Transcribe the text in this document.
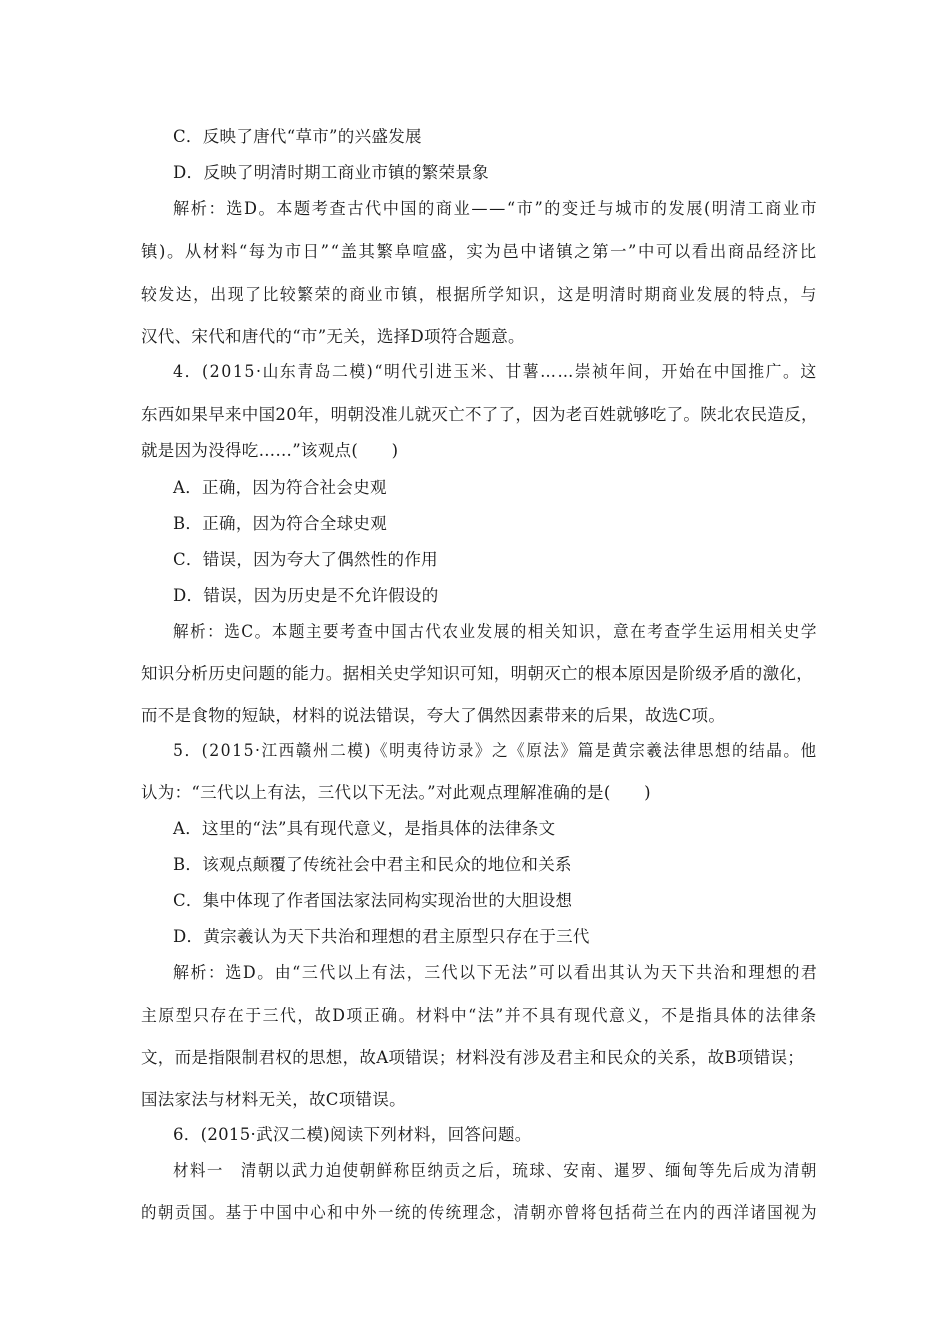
C．反映了唐代“草市”的兴盛发展
D．反映了明清时期工商业市镇的繁荣景象
解析：选D。本题考查古代中国的商业——“市”的变迁与城市的发展(明清工商业市
镇)。从材料“每为市日”“盖其繁阜喧盛，实为邑中诸镇之第一”中可以看出商品经济比
较发达，出现了比较繁荣的商业市镇，根据所学知识，这是明清时期商业发展的特点，与
汉代、宋代和唐代的“市”无关，选择D项符合题意。
4．(2015·山东青岛二模)“明代引进玉米、甘薯……崇祯年间，开始在中国推广。这
东西如果早来中国20年，明朝没准儿就灭亡不了了，因为老百姓就够吃了。陕北农民造反，
就是因为没得吃……”该观点(　　)
A．正确，因为符合社会史观
B．正确，因为符合全球史观
C．错误，因为夸大了偶然性的作用
D．错误，因为历史是不允许假设的
解析：选C。本题主要考查中国古代农业发展的相关知识，意在考查学生运用相关史学
知识分析历史问题的能力。据相关史学知识可知，明朝灭亡的根本原因是阶级矛盾的激化，
而不是食物的短缺，材料的说法错误，夸大了偶然因素带来的后果，故选C项。
5．(2015·江西赣州二模)《明夷待访录》之《原法》篇是黄宗羲法律思想的结晶。他
认为：“三代以上有法，三代以下无法。”对此观点理解准确的是(　　)
A．这里的“法”具有现代意义，是指具体的法律条文
B．该观点颠覆了传统社会中君主和民众的地位和关系
C．集中体现了作者国法家法同构实现治世的大胆设想
D．黄宗羲认为天下共治和理想的君主原型只存在于三代
解析：选D。由“三代以上有法，三代以下无法”可以看出其认为天下共治和理想的君
主原型只存在于三代，故D项正确。材料中“法”并不具有现代意义，不是指具体的法律条
文，而是指限制君权的思想，故A项错误；材料没有涉及君主和民众的关系，故B项错误；
国法家法与材料无关，故C项错误。
6．(2015·武汉二模)阅读下列材料，回答问题。
材料一　清朝以武力迫使朝鲜称臣纳贡之后，琉球、安南、暹罗、缅甸等先后成为清朝
的朝贡国。基于中国中心和中外一统的传统理念，清朝亦曾将包括荷兰在内的西洋诸国视为
